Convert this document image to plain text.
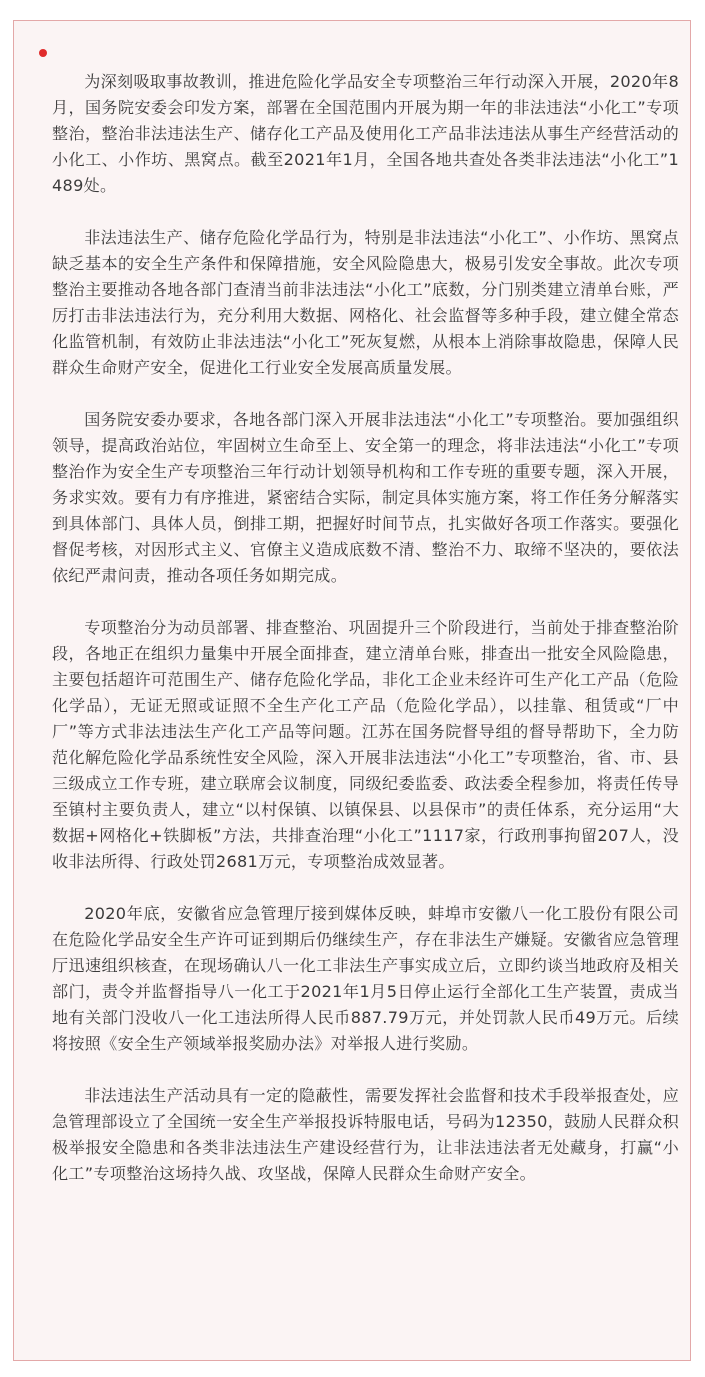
为深刻吸取事故教训，推进危险化学品安全专项整治三年行动深入开展，2020年8月，国务院安委会印发方案，部署在全国范围内开展为期一年的非法违法“小化工”专项整治，整治非法违法生产、储存化工产品及使用化工产品非法违法从事生产经营活动的小化工、小作坊、黑窝点。截至2021年1月，全国各地共查处各类非法违法“小化工”1489处。

非法违法生产、储存危险化学品行为，特别是非法违法“小化工”、小作坊、黑窝点缺乏基本的安全生产条件和保障措施，安全风险隐患大，极易引发安全事故。此次专项整治主要推动各地各部门查清当前非法违法“小化工”底数，分门别类建立清单台账，严厉打击非法违法行为，充分利用大数据、网格化、社会监督等多种手段，建立健全常态化监管机制，有效防止非法违法“小化工”死灰复燃，从根本上消除事故隐患，保障人民群众生命财产安全，促进化工行业安全发展高质量发展。

国务院安委办要求，各地各部门深入开展非法违法“小化工”专项整治。要加强组织领导，提高政治站位，牢固树立生命至上、安全第一的理念，将非法违法“小化工”专项整治作为安全生产专项整治三年行动计划领导机构和工作专班的重要专题，深入开展，务求实效。要有力有序推进，紧密结合实际，制定具体实施方案，将工作任务分解落实到具体部门、具体人员，倒排工期，把握好时间节点，扎实做好各项工作落实。要强化督促考核，对因形式主义、官僚主义造成底数不清、整治不力、取缔不坚决的，要依法依纪严肃问责，推动各项任务如期完成。

专项整治分为动员部署、排查整治、巩固提升三个阶段进行，当前处于排查整治阶段，各地正在组织力量集中开展全面排查，建立清单台账，排查出一批安全风险隐患，主要包括超许可范围生产、储存危险化学品，非化工企业未经许可生产化工产品（危险化学品），无证无照或证照不全生产化工产品（危险化学品），以挂靠、租赁或“厂中厂”等方式非法违法生产化工产品等问题。江苏在国务院督导组的督导帮助下，全力防范化解危险化学品系统性安全风险，深入开展非法违法“小化工”专项整治，省、市、县三级成立工作专班，建立联席会议制度，同级纪委监委、政法委全程参加，将责任传导至镇村主要负责人，建立“以村保镇、以镇保县、以县保市”的责任体系，充分运用“大数据+网格化+铁脚板”方法，共排查治理“小化工”1117家，行政刑事拘留207人，没收非法所得、行政处罚2681万元，专项整治成效显著。

2020年底，安徽省应急管理厅接到媒体反映，蚌埠市安徽八一化工股份有限公司在危险化学品安全生产许可证到期后仍继续生产，存在非法生产嫌疑。安徽省应急管理厅迅速组织核查，在现场确认八一化工非法生产事实成立后，立即约谈当地政府及相关部门，责令并监督指导八一化工于2021年1月5日停止运行全部化工生产装置，责成当地有关部门没收八一化工违法所得人民币887.79万元，并处罚款人民币49万元。后续将按照《安全生产领域举报奖励办法》对举报人进行奖励。

非法违法生产活动具有一定的隐蔽性，需要发挥社会监督和技术手段举报查处，应急管理部设立了全国统一安全生产举报投诉特服电话，号码为12350，鼓励人民群众积极举报安全隐患和各类非法违法生产建设经营行为，让非法违法者无处藏身，打赢“小化工”专项整治这场持久战、攻坚战，保障人民群众生命财产安全。
